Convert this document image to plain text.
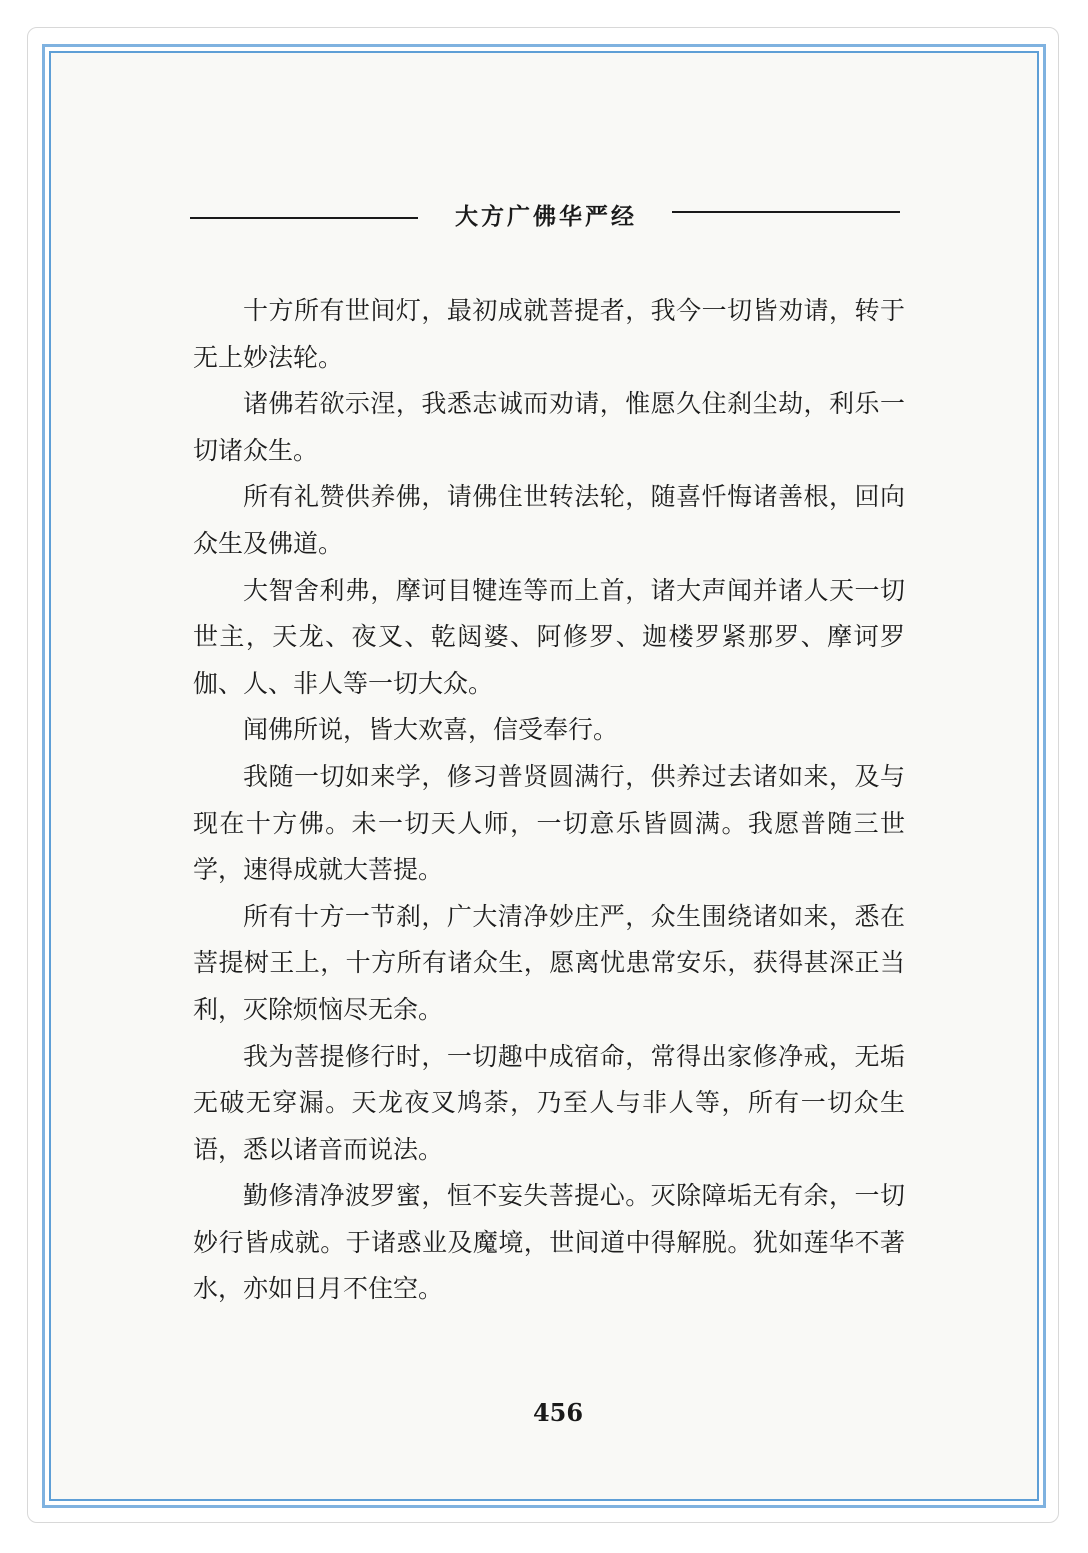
大方广佛华严经

十方所有世间灯，最初成就菩提者，我今一切皆劝请，转于无上妙法轮。

诸佛若欲示涅，我悉志诚而劝请，惟愿久住刹尘劫，利乐一切诸众生。

所有礼赞供养佛，请佛住世转法轮，随喜忏悔诸善根，回向众生及佛道。

大智舍利弗，摩诃目犍连等而上首，诸大声闻并诸人天一切世主，天龙、夜叉、乾闼婆、阿修罗、迦楼罗紧那罗、摩诃罗伽、人、非人等一切大众。

闻佛所说，皆大欢喜，信受奉行。

我随一切如来学，修习普贤圆满行，供养过去诸如来，及与现在十方佛。未一切天人师，一切意乐皆圆满。我愿普随三世学，速得成就大菩提。

所有十方一节刹，广大清净妙庄严，众生围绕诸如来，悉在菩提树王上，十方所有诸众生，愿离忧患常安乐，获得甚深正当利，灭除烦恼尽无余。

我为菩提修行时，一切趣中成宿命，常得出家修净戒，无垢无破无穿漏。天龙夜叉鸠荼，乃至人与非人等，所有一切众生语，悉以诸音而说法。

勤修清净波罗蜜，恒不妄失菩提心。灭除障垢无有余，一切妙行皆成就。于诸惑业及魔境，世间道中得解脱。犹如莲华不著水，亦如日月不住空。

456
